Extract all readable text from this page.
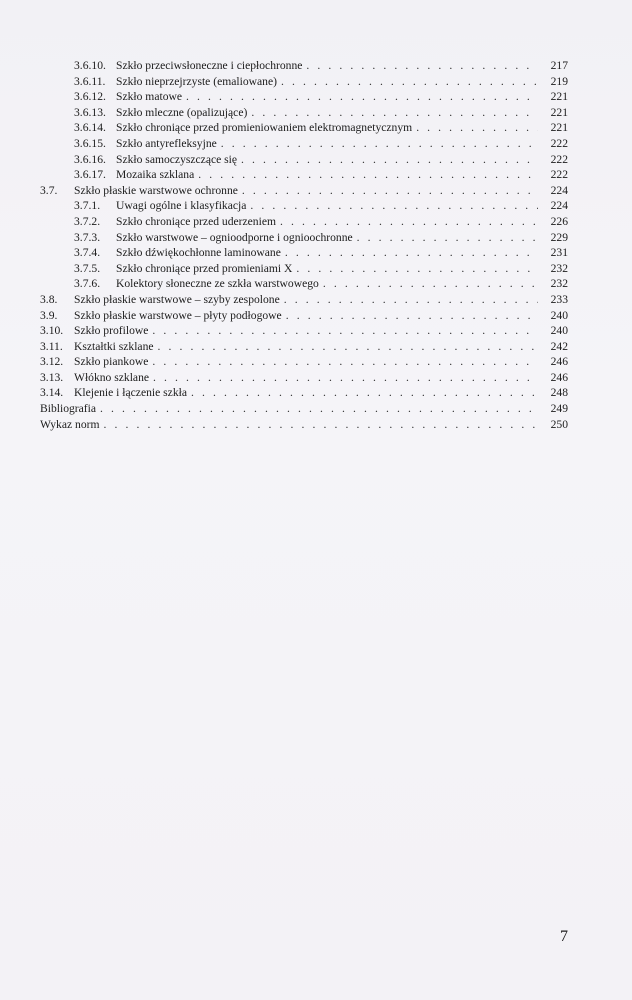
3.6.10. Szkło przeciwsłoneczne i ciepłochronne . . .	217
3.6.11. Szkło nieprzejrzyste (emaliowane) . . .	219
3.6.12. Szkło matowe . . .	221
3.6.13. Szkło mleczne (opalizujące) . . .	221
3.6.14. Szkło chroniące przed promieniowaniem elektromagnetycznym . . .	221
3.6.15. Szkło antyrefleksyjne . . .	222
3.6.16. Szkło samoczyszczące się . . .	222
3.6.17. Mozaika szklana . . .	222
3.7.	Szkło płaskie warstwowe ochronne . . .	224
3.7.1.	Uwagi ogólne i klasyfikacja . . .	224
3.7.2.	Szkło chroniące przed uderzeniem . . .	226
3.7.3.	Szkło warstwowe – ognioodporne i ognioochronne . . .	229
3.7.4.	Szkło dźwiękochłonne laminowane . . .	231
3.7.5.	Szkło chroniące przed promieniami X . . .	232
3.7.6.	Kolektory słoneczne ze szkła warstwowego . . .	232
3.8.	Szkło płaskie warstwowe – szyby zespolone . . .	233
3.9.	Szkło płaskie warstwowe – płyty podłogowe . . .	240
3.10. Szkło profilowe . . .	240
3.11. Kształtki szklane . . .	242
3.12. Szkło piankowe . . .	246
3.13. Włókno szklane . . .	246
3.14. Klejenie i łączenie szkła . . .	248
Bibliografia . . .	249
Wykaz norm . . .	250
7
